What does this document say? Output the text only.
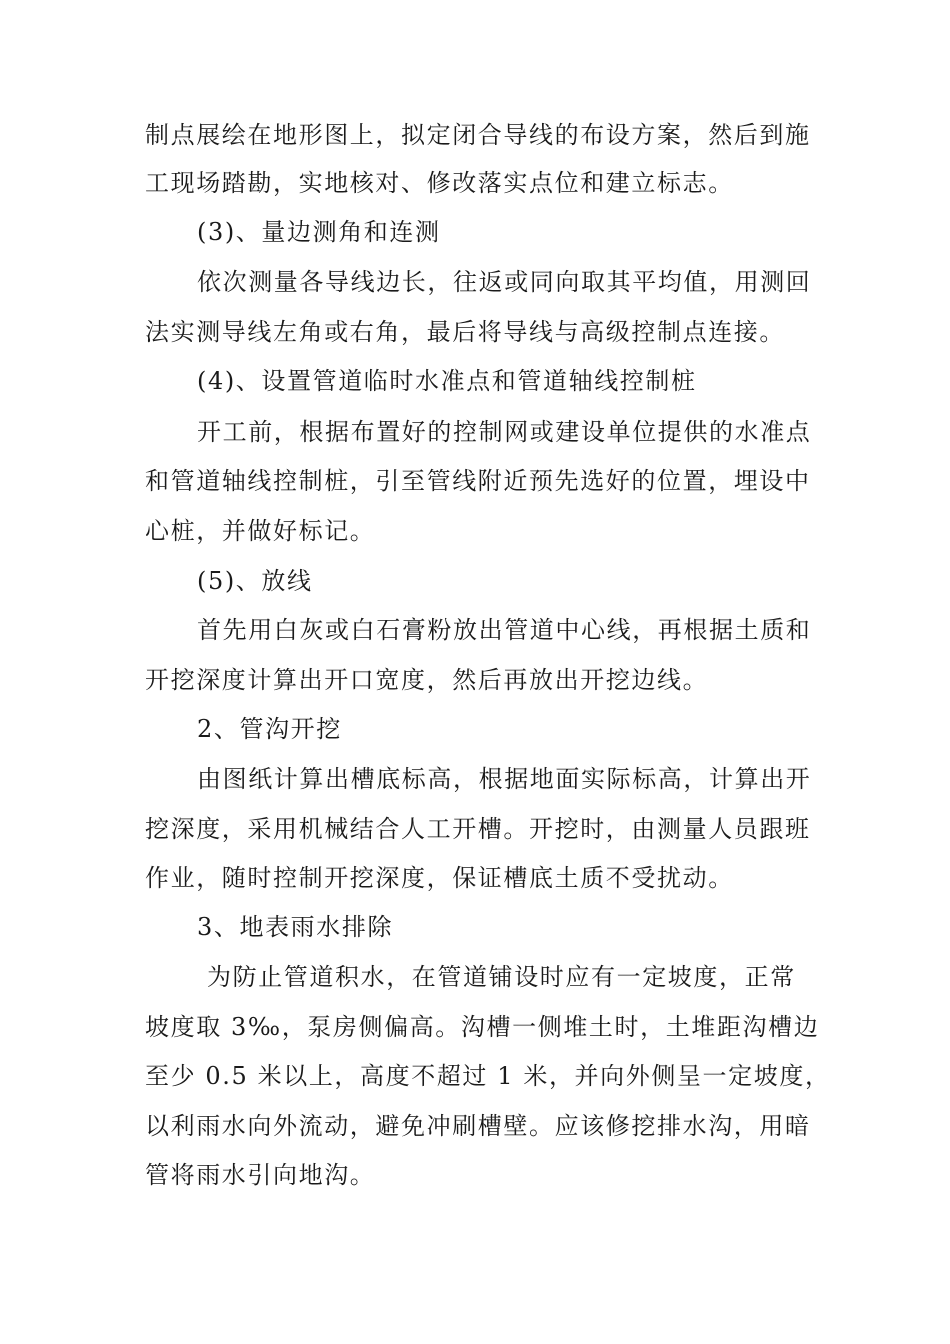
制点展绘在地形图上，拟定闭合导线的布设方案，然后到施
工现场踏勘，实地核对、修改落实点位和建立标志。
(3)、量边测角和连测
依次测量各导线边长，往返或同向取其平均值，用测回
法实测导线左角或右角，最后将导线与高级控制点连接。
(4)、设置管道临时水准点和管道轴线控制桩
开工前，根据布置好的控制网或建设单位提供的水准点
和管道轴线控制桩，引至管线附近预先选好的位置，埋设中
心桩，并做好标记。
(5)、放线
首先用白灰或白石膏粉放出管道中心线，再根据土质和
开挖深度计算出开口宽度，然后再放出开挖边线。
2、管沟开挖
由图纸计算出槽底标高，根据地面实际标高，计算出开
挖深度，采用机械结合人工开槽。开挖时，由测量人员跟班
作业，随时控制开挖深度，保证槽底土质不受扰动。
3、地表雨水排除
为防止管道积水，在管道铺设时应有一定坡度，正常
坡度取 3‰，泵房侧偏高。沟槽一侧堆土时，土堆距沟槽边
至少 0.5 米以上，高度不超过 1 米，并向外侧呈一定坡度，
以利雨水向外流动，避免冲刷槽壁。应该修挖排水沟，用暗
管将雨水引向地沟。
